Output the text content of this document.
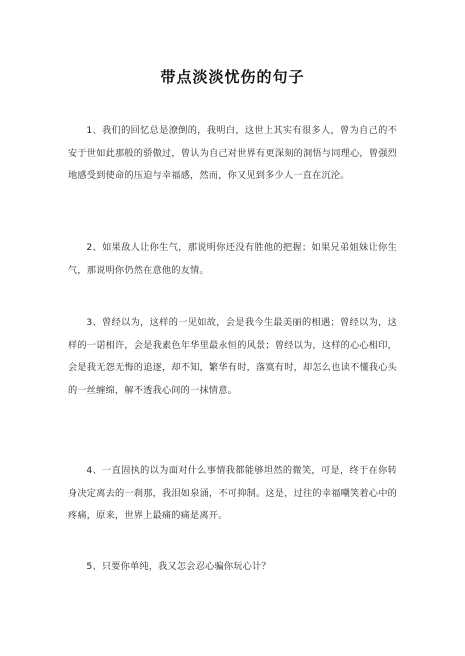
带点淡淡忧伤的句子

1、我们的回忆总是潦倒的，我明白，这世上其实有很多人，曾为自己的不安于世如此那般的骄傲过，曾认为自己对世界有更深刻的洞悟与同理心，曾强烈地感受到使命的压迫与幸福感，然而，你又见到多少人一直在沉沦。

2、如果敌人让你生气，那说明你还没有胜他的把握；如果兄弟姐妹让你生气，那说明你仍然在意他的友情。

3、曾经以为，这样的一见如故，会是我今生最美丽的相遇；曾经以为，这样的一诺相许，会是我素色年华里最永恒的风景；曾经以为，这样的心心相印，会是我无怨无悔的追逐，却不知，繁华有时，落寞有时，却怎么也读不懂我心头的一丝缠绵，解不透我心间的一抹情意。

4、一直固执的以为面对什么事情我都能够坦然的微笑，可是，终于在你转身决定离去的一刹那，我泪如泉涌，不可抑制。这是，过往的幸福嘲笑着心中的疼痛，原来，世界上最痛的痛是离开。

5、只要你单纯，我又怎会忍心骗你玩心计？
